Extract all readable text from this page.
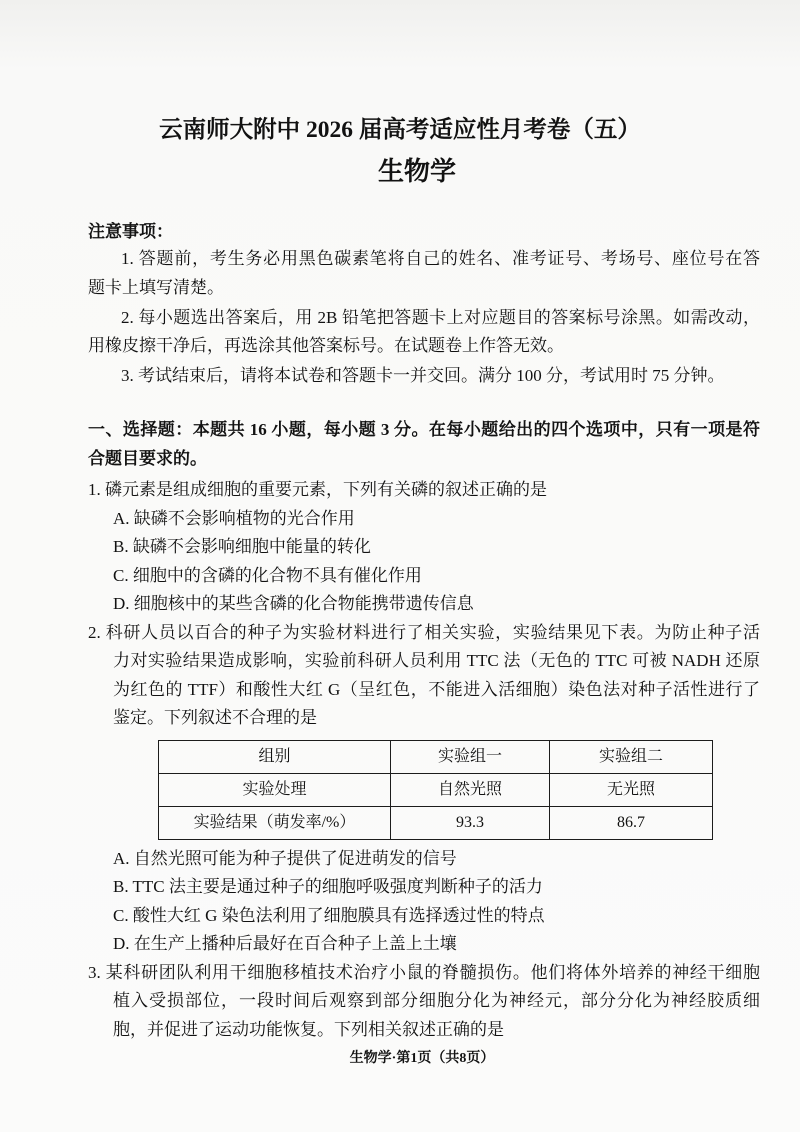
云南师大附中 2026 届高考适应性月考卷（五）
生物学
注意事项：
1. 答题前，考生务必用黑色碳素笔将自己的姓名、准考证号、考场号、座位号在答
题卡上填写清楚。
2. 每小题选出答案后，用 2B 铅笔把答题卡上对应题目的答案标号涂黑。如需改动，
用橡皮擦干净后，再选涂其他答案标号。在试题卷上作答无效。
3. 考试结束后，请将本试卷和答题卡一并交回。满分 100 分，考试用时 75 分钟。
一、选择题：本题共 16 小题，每小题 3 分。在每小题给出的四个选项中，只有一项是符
合题目要求的。
1. 磷元素是组成细胞的重要元素，下列有关磷的叙述正确的是
A. 缺磷不会影响植物的光合作用
B. 缺磷不会影响细胞中能量的转化
C. 细胞中的含磷的化合物不具有催化作用
D. 细胞核中的某些含磷的化合物能携带遗传信息
2. 科研人员以百合的种子为实验材料进行了相关实验，实验结果见下表。为防止种子活
力对实验结果造成影响，实验前科研人员利用 TTC 法（无色的 TTC 可被 NADH 还原
为红色的 TTF）和酸性大红 G（呈红色，不能进入活细胞）染色法对种子活性进行了
鉴定。下列叙述不合理的是
组别	实验组一	实验组二
实验处理	自然光照	无光照
实验结果（萌发率/%）	93.3	86.7
A. 自然光照可能为种子提供了促进萌发的信号
B. TTC 法主要是通过种子的细胞呼吸强度判断种子的活力
C. 酸性大红 G 染色法利用了细胞膜具有选择透过性的特点
D. 在生产上播种后最好在百合种子上盖上土壤
3. 某科研团队利用干细胞移植技术治疗小鼠的脊髓损伤。他们将体外培养的神经干细胞
植入受损部位，一段时间后观察到部分细胞分化为神经元，部分分化为神经胶质细
胞，并促进了运动功能恢复。下列相关叙述正确的是
生物学·第1页（共8页）
